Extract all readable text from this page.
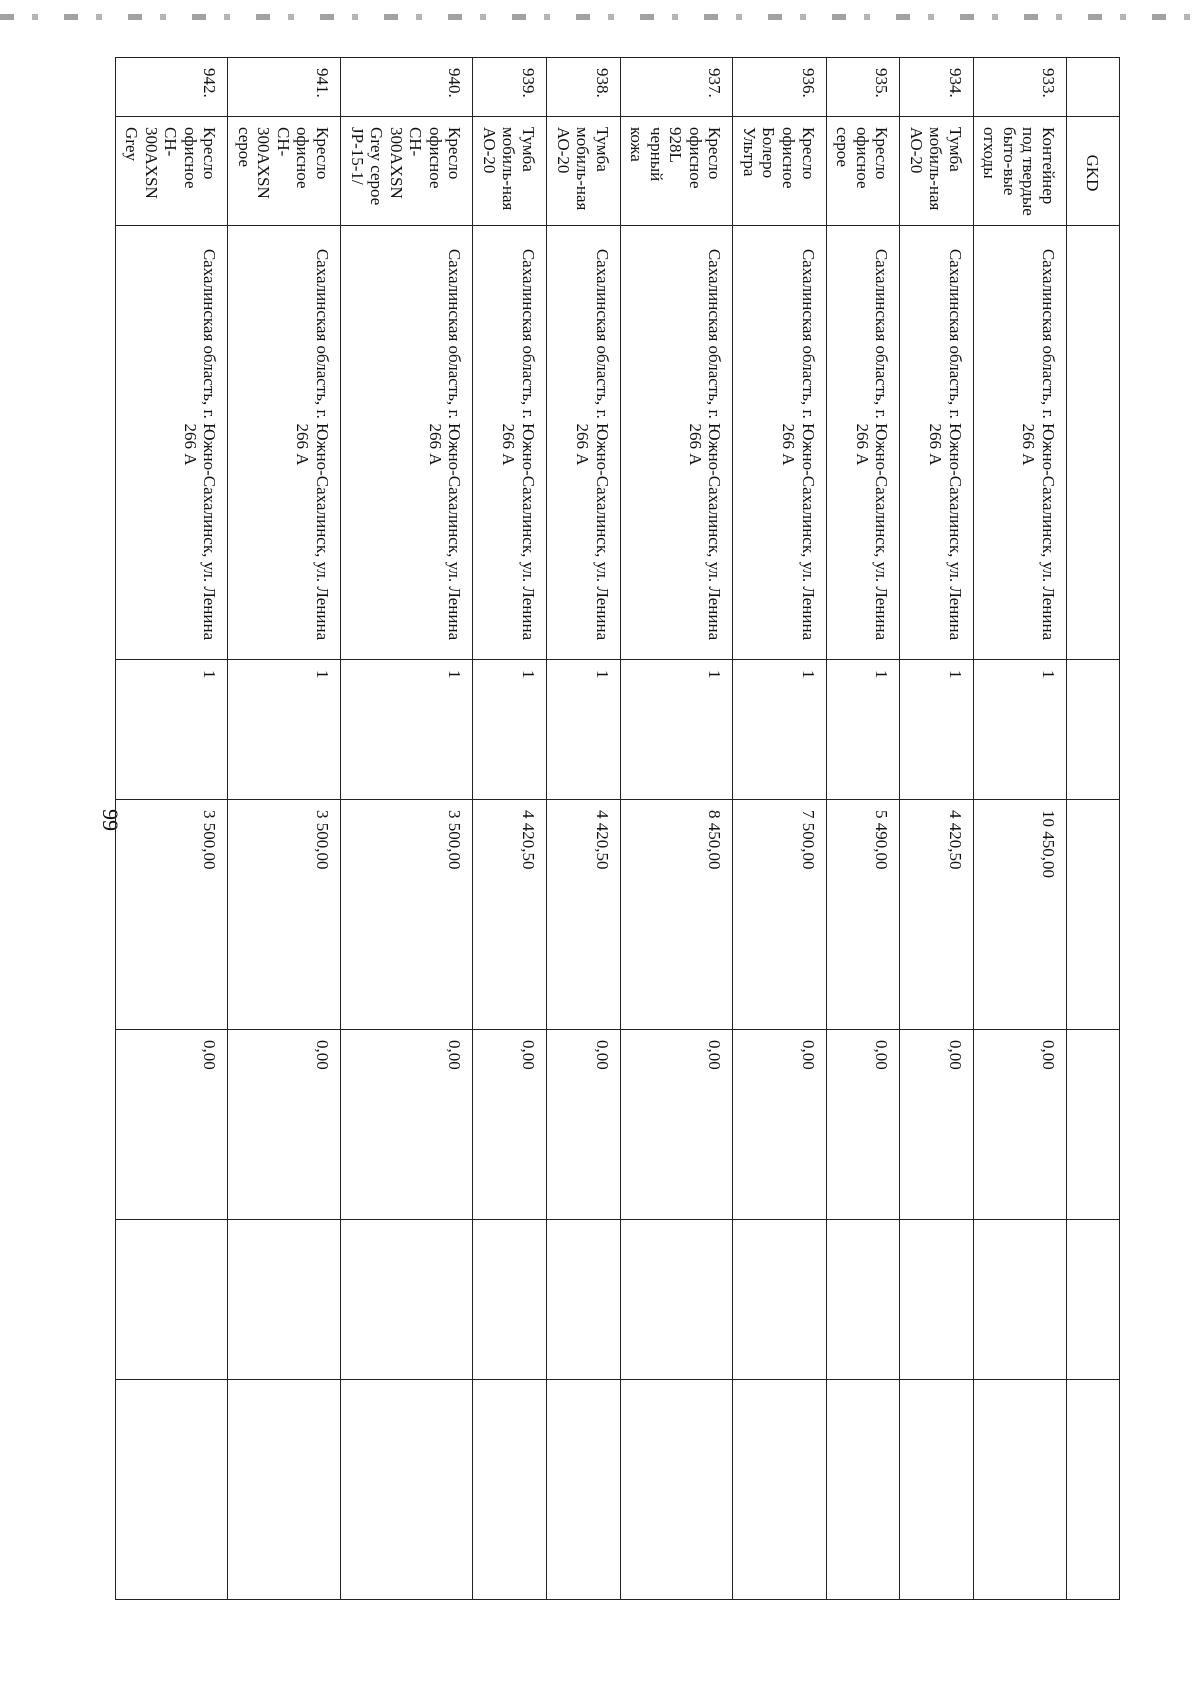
99
	GKD						
933.	Контейнер под твердые быто-вые отходы	Сахалинская область, г. Южно-Сахалинск, ул. Ленина 266 А	1	10 450,00	0,00		
934.	Тумба мобиль-ная АО-20	Сахалинская область, г. Южно-Сахалинск, ул. Ленина 266 А	1	4 420,50	0,00		
935.	Кресло офисное серое	Сахалинская область, г. Южно-Сахалинск, ул. Ленина 266 А	1	5 490,00	0,00		
936.	Кресло офисное Болеро Ультра	Сахалинская область, г. Южно-Сахалинск, ул. Ленина 266 А	1	7 500,00	0,00		
937.	Кресло офисное 928L черный кожа	Сахалинская область, г. Южно-Сахалинск, ул. Ленина 266 А	1	8 450,00	0,00		
938.	Тумба мобиль-ная АО-20	Сахалинская область, г. Южно-Сахалинск, ул. Ленина 266 А	1	4 420,50	0,00		
939.	Тумба мобиль-ная АО-20	Сахалинская область, г. Южно-Сахалинск, ул. Ленина 266 А	1	4 420,50	0,00		
940.	Кресло офисное CH-300AXSN Grey серое JP-15-1/	Сахалинская область, г. Южно-Сахалинск, ул. Ленина 266 А	1	3 500,00	0,00		
941.	Кресло офисное CH-300AXSN серое	Сахалинская область, г. Южно-Сахалинск, ул. Ленина 266 А	1	3 500,00	0,00		
942.	Кресло офисное CH-300AXSN Grey	Сахалинская область, г. Южно-Сахалинск, ул. Ленина 266 А	1	3 500,00	0,00		
